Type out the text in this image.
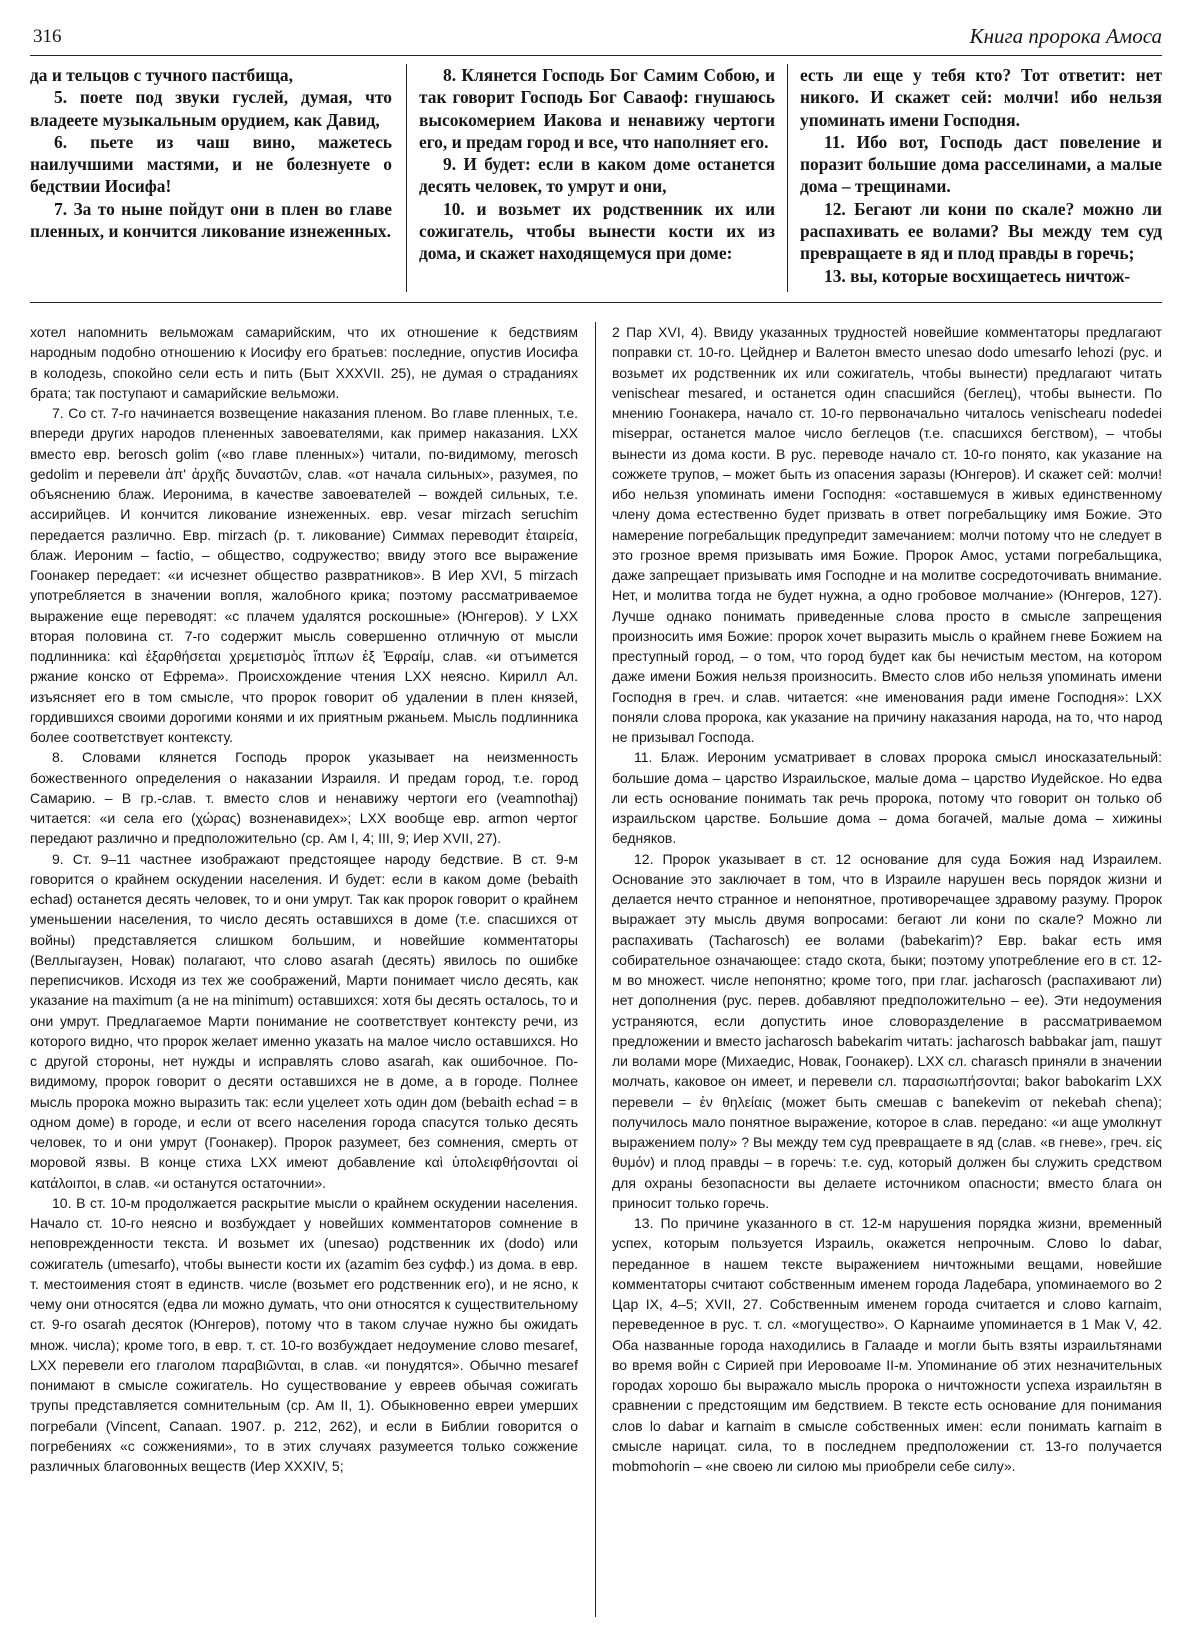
316	Книга пророка Амоса

да и тельцов с тучного пастбища,

5. поете под звуки гуслей, думая, что владеете музыкальным орудием, как Давид,

6. пьете из чаш вино, мажетесь наилучшими мастями, и не болезнуете о бедствии Иосифа!

7. За то ныне пойдут они в плен во главе пленных, и кончится ликование изнеженных.

8. Клянется Господь Бог Самим Собою, и так говорит Господь Бог Саваоф: гнушаюсь высокомерием Иакова и ненавижу чертоги его, и предам город и все, что наполняет его.

9. И будет: если в каком доме останется десять человек, то умрут и они,

10. и возьмет их родственник их или сожигатель, чтобы вынести кости их из дома, и скажет находящемуся при доме:

есть ли еще у тебя кто? Тот ответит: нет никого. И скажет сей: молчи! ибо нельзя упоминать имени Господня.

11. Ибо вот, Господь даст повеление и поразит большие дома расселинами, а малые дома – трещинами.

12. Бегают ли кони по скале? можно ли распахивать ее волами? Вы между тем суд превращаете в яд и плод правды в горечь;

13. вы, которые восхищаетесь ничтож-

хотел напомнить вельможам самарийским, что их отношение к бедствиям народным подобно отношению к Иосифу его братьев: последние, опустив Иосифа в колодезь, спокойно сели есть и пить (Быт XXXVII. 25), не думая о страданиях брата; так поступают и самарийские вельможи.

7. Со ст. 7-го начинается возвещение наказания пленом. Во главе пленных, т.е. впереди других народов плененных завоевателями, как пример наказания. LXX вместо евр. berosch golim («во главе пленных») читали, по-видимому, merosch gedolim и перевели ἀπ' ἀρχῆς δυναστῶν, слав. «от начала сильных», разумея, по объяснению блаж. Иеронима, в качестве завоевателей – вождей сильных, т.е. ассирийцев. И кончится ликование изнеженных. евр. vesar mirzach seruchim передается различно. Евр. mirzach (р. т. ликование) Симмах переводит ἑταιρεία, блаж. Иероним – factio, – общество, содружество; ввиду этого все выражение Гоонакер передает: «и исчезнет общество развратников». В Иер XVI, 5 mirzach употребляется в значении вопля, жалобного крика; поэтому рассматриваемое выражение еще переводят: «с плачем удалятся роскошные» (Юнгеров). У LXX вторая половина ст. 7-го содержит мысль совершенно отличную от мысли подлинника: καὶ ἐξαρθήσεται χρεμετισμὸς ἵππων ἐξ Ἐφραίμ, слав. «и отъимется ржание конско от Ефрема». Происхождение чтения LXX неясно. Кирилл Ал. изъясняет его в том смысле, что пророк говорит об удалении в плен князей, гордившихся своими дорогими конями и их приятным ржаньем. Мысль подлинника более соответствует контексту.

8. Словами клянется Господь пророк указывает на неизменность божественного определения о наказании Израиля. И предам город, т.е. город Самарию. – В гр.-слав. т. вместо слов и ненавижу чертоги его (veamnothaj) читается: «и села его (χώρας) возненавидех»; LXX вообще евр. armon чертог передают различно и предположительно (ср. Ам I, 4; III, 9; Иер XVII, 27).

9. Ст. 9–11 частнее изображают предстоящее народу бедствие. В ст. 9-м говорится о крайнем оскудении населения. И будет: если в каком доме (bebaith echad) останется десять человек, то и они умрут. Так как пророк говорит о крайнем уменьшении населения, то число десять оставшихся в доме (т.е. спасшихся от войны) представляется слишком большим, и новейшие комментаторы (Веллыгаузен, Новак) полагают, что слово asarah (десять) явилось по ошибке переписчиков. Исходя из тех же соображений, Марти понимает число десять, как указание на maximum (а не на minimum) оставшихся: хотя бы десять осталось, то и они умрут. Предлагаемое Марти понимание не соответствует контексту речи, из которого видно, что пророк желает именно указать на малое число оставшихся. Но с другой стороны, нет нужды и исправлять слово asarah, как ошибочное. По-видимому, пророк говорит о десяти оставшихся не в доме, а в городе. Полнее мысль пророка можно выразить так: если уцелеет хоть один дом (bebaith echad = в одном доме) в городе, и если от всего населения города спасутся только десять человек, то и они умрут (Гоонакер). Пророк разумеет, без сомнения, смерть от моровой язвы. В конце стиха LXX имеют добавление καὶ ὑπολειφθήσονται οἱ κατάλοιποι, в слав. «и останутся остаточнии».

10. В ст. 10-м продолжается раскрытие мысли о крайнем оскудении населения. Начало ст. 10-го неясно и возбуждает у новейших комментаторов сомнение в неповрежденности текста. И возьмет их (unesao) родственник их (dodo) или сожигатель (umesarfo), чтобы вынести кости их (azamim без суфф.) из дома. в евр. т. местоимения стоят в единств. числе (возьмет его родственник его), и не ясно, к чему они относятся (едва ли можно думать, что они относятся к существительному ст. 9-го osarah десяток (Юнгеров), потому что в таком случае нужно бы ожидать множ. числа); кроме того, в евр. т. ст. 10-го возбуждает недоумение слово mesaref, LXX перевели его глаголом παραβιῶνται, в слав. «и понудятся». Обычно mesaref понимают в смысле сожигатель. Но существование у евреев обычая сожигать трупы представляется сомнительным (ср. Ам II, 1). Обыкновенно евреи умерших погребали (Vincent, Canaan. 1907. р. 212, 262), и если в Библии говорится о погребениях «с сожжениями», то в этих случаях разумеется только сожжение различных благовонных веществ (Иер XXXIV, 5;

2 Пар XVI, 4). Ввиду указанных трудностей новейшие комментаторы предлагают поправки ст. 10-го. Цейднер и Валетон вместо unesao dodo umesarfo lehozi (рус. и возьмет их родственник их или сожигатель, чтобы вынести) предлагают читать venischear mesared, и останется один спасшийся (беглец), чтобы вынести. По мнению Гоонакера, начало ст. 10-го первоначально читалось venischearu nodedei miseppar, останется малое число беглецов (т.е. спасшихся бегством), – чтобы вынести из дома кости. В рус. переводе начало ст. 10-го понято, как указание на сожжете трупов, – может быть из опасения заразы (Юнгеров). И скажет сей: молчи! ибо нельзя упоминать имени Господня: «оставшемуся в живых единственному члену дома естественно будет призвать в ответ погребальщику имя Божие. Это намерение погребальщик предупредит замечанием: молчи потому что не следует в это грозное время призывать имя Божие. Пророк Амос, устами погребальщика, даже запрещает призывать имя Господне и на молитве сосредоточивать внимание. Нет, и молитва тогда не будет нужна, а одно гробовое молчание» (Юнгеров, 127). Лучше однако понимать приведенные слова просто в смысле запрещения произносить имя Божие: пророк хочет выразить мысль о крайнем гневе Божием на преступный город, – о том, что город будет как бы нечистым местом, на котором даже имени Божия нельзя произносить. Вместо слов ибо нельзя упоминать имени Господня в греч. и слав. читается: «не именования ради имене Господня»: LXX поняли слова пророка, как указание на причину наказания народа, на то, что народ не призывал Господа.

11. Блаж. Иероним усматривает в словах пророка смысл иносказательный: большие дома – царство Израильское, малые дома – царство Иудейское. Но едва ли есть основание понимать так речь пророка, потому что говорит он только об израильском царстве. Большие дома – дома богачей, малые дома – хижины бедняков.

12. Пророк указывает в ст. 12 основание для суда Божия над Израилем. Основание это заключает в том, что в Израиле нарушен весь порядок жизни и делается нечто странное и непонятное, противоречащее здравому разуму. Пророк выражает эту мысль двумя вопросами: бегают ли кони по скале? Можно ли распахивать (Tacharosch) ее волами (babekarim)? Евр. bakar есть имя собирательное означающее: стадо скота, быки; поэтому употребление его в ст. 12-м во множест. числе непонятно; кроме того, при глаг. jacharosch (распахивают ли) нет дополнения (рус. перев. добавляют предположительно – ее). Эти недоумения устраняются, если допустить иное словоразделение в рассматриваемом предложении и вместо jacharosch babekarim читать: jacharosch babbakar jam, пашут ли волами море (Михаедис, Новак, Гоонакер). LXX сл. charasch приняли в значении молчать, каковое он имеет, и перевели сл. παρασιωπήσονται; bakor babokarim LXX перевели – ἐν θηλείαις (может быть смешав с banekevim от nekebah chena); получилось мало понятное выражение, которое в слав. передано: «и аще умолкнут выражением полу» ? Вы между тем суд превращаете в яд (слав. «в гневе», греч. εἰς θυμόν) и плод правды – в горечь: т.е. суд, который должен бы служить средством для охраны безопасности вы делаете источником опасности; вместо блага он приносит только горечь.

13. По причине указанного в ст. 12-м нарушения порядка жизни, временный успех, которым пользуется Израиль, окажется непрочным. Слово lo dabar, переданное в нашем тексте выражением ничтожными вещами, новейшие комментаторы считают собственным именем города Ладебара, упоминаемого во 2 Цар IX, 4–5; XVII, 27. Собственным именем города считается и слово karnaim, переведенное в рус. т. сл. «могущество». О Карнаиме упоминается в 1 Мак V, 42. Оба названные города находились в Галааде и могли быть взяты израильтянами во время войн с Сирией при Иеровоаме II-м. Упоминание об этих незначительных городах хорошо бы выражало мысль пророка о ничтожности успеха израильтян в сравнении с предстоящим им бедствием. В тексте есть основание для понимания слов lo dabar и karnaim в смысле собственных имен: если понимать karnaim в смысле нарицат. сила, то в последнем предположении ст. 13-го получается mobmohorin – «не своею ли силою мы приобрели себе силу».
